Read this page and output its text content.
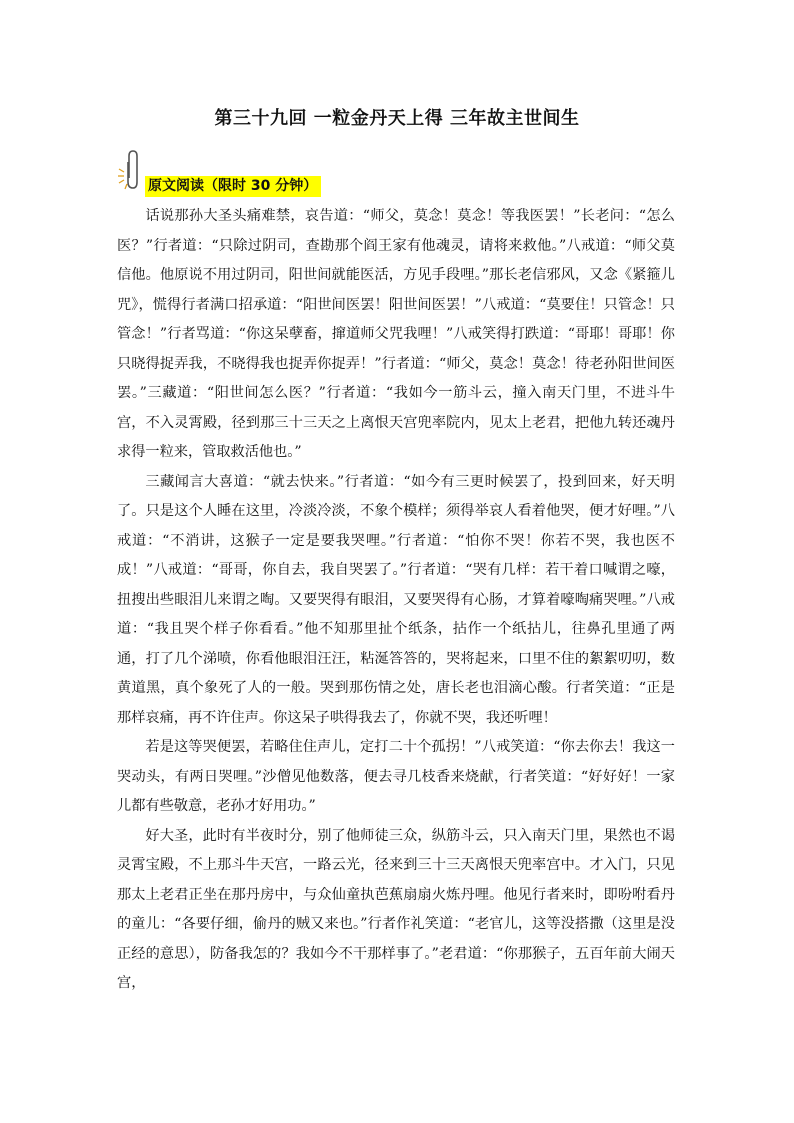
第三十九回 一粒金丹天上得 三年故主世间生
原文阅读（限时 30 分钟）

话说那孙大圣头痛难禁，哀告道：“师父，莫念！莫念！等我医罢！”长老问：“怎么医？”行者道：“只除过阴司，查勘那个阎王家有他魂灵，请将来救他。”八戒道：“师父莫信他。他原说不用过阴司，阳世间就能医活，方见手段哩。”那长老信邪风，又念《紧箍儿咒》，慌得行者满口招承道：“阳世间医罢！阳世间医罢！”八戒道：“莫要住！只管念！只管念！”行者骂道：“你这呆孽畜，撺道师父咒我哩！”八戒笑得打跌道：“哥耶！哥耶！你只晓得捉弄我，不晓得我也捉弄你捉弄！”行者道：“师父，莫念！莫念！待老孙阳世间医罢。”三藏道：“阳世间怎么医？”行者道：“我如今一筋斗云，撞入南天门里，不进斗牛宫，不入灵霄殿，径到那三十三天之上离恨天宫兜率院内，见太上老君，把他九转还魂丹求得一粒来，管取救活他也。”

三藏闻言大喜道：“就去快来。”行者道：“如今有三更时候罢了，投到回来，好天明了。只是这个人睡在这里，冷淡冷淡，不象个模样；须得举哀人看着他哭，便才好哩。”八戒道：“不消讲，这猴子一定是要我哭哩。”行者道：“怕你不哭！你若不哭，我也医不成！”八戒道：“哥哥，你自去，我自哭罢了。”行者道：“哭有几样：若干着口喊谓之嚎，扭搜出些眼泪儿来谓之啕。又要哭得有眼泪，又要哭得有心肠，才算着嚎啕痛哭哩。”八戒道：“我且哭个样子你看看。”他不知那里扯个纸条，拈作一个纸拈儿，往鼻孔里通了两通，打了几个涕喷，你看他眼泪汪汪，粘涎答答的，哭将起来，口里不住的絮絮叨叨，数黄道黑，真个象死了人的一般。哭到那伤情之处，唐长老也泪滴心酸。行者笑道：“正是那样哀痛，再不许住声。你这呆子哄得我去了，你就不哭，我还听哩！

若是这等哭便罢，若略住住声儿，定打二十个孤拐！”八戒笑道：“你去你去！我这一哭动头，有两日哭哩。”沙僧见他数落，便去寻几枝香来烧献，行者笑道：“好好好！一家儿都有些敬意，老孙才好用功。”

好大圣，此时有半夜时分，别了他师徒三众，纵筋斗云，只入南天门里，果然也不谒灵霄宝殿，不上那斗牛天宫，一路云光，径来到三十三天离恨天兜率宫中。才入门，只见那太上老君正坐在那丹房中，与众仙童执芭蕉扇扇火炼丹哩。他见行者来时，即吩咐看丹的童儿：“各要仔细，偷丹的贼又来也。”行者作礼笑道：“老官儿，这等没搭撒（这里是没正经的意思），防备我怎的？我如今不干那样事了。”老君道：“你那猴子，五百年前大闹天宫，
